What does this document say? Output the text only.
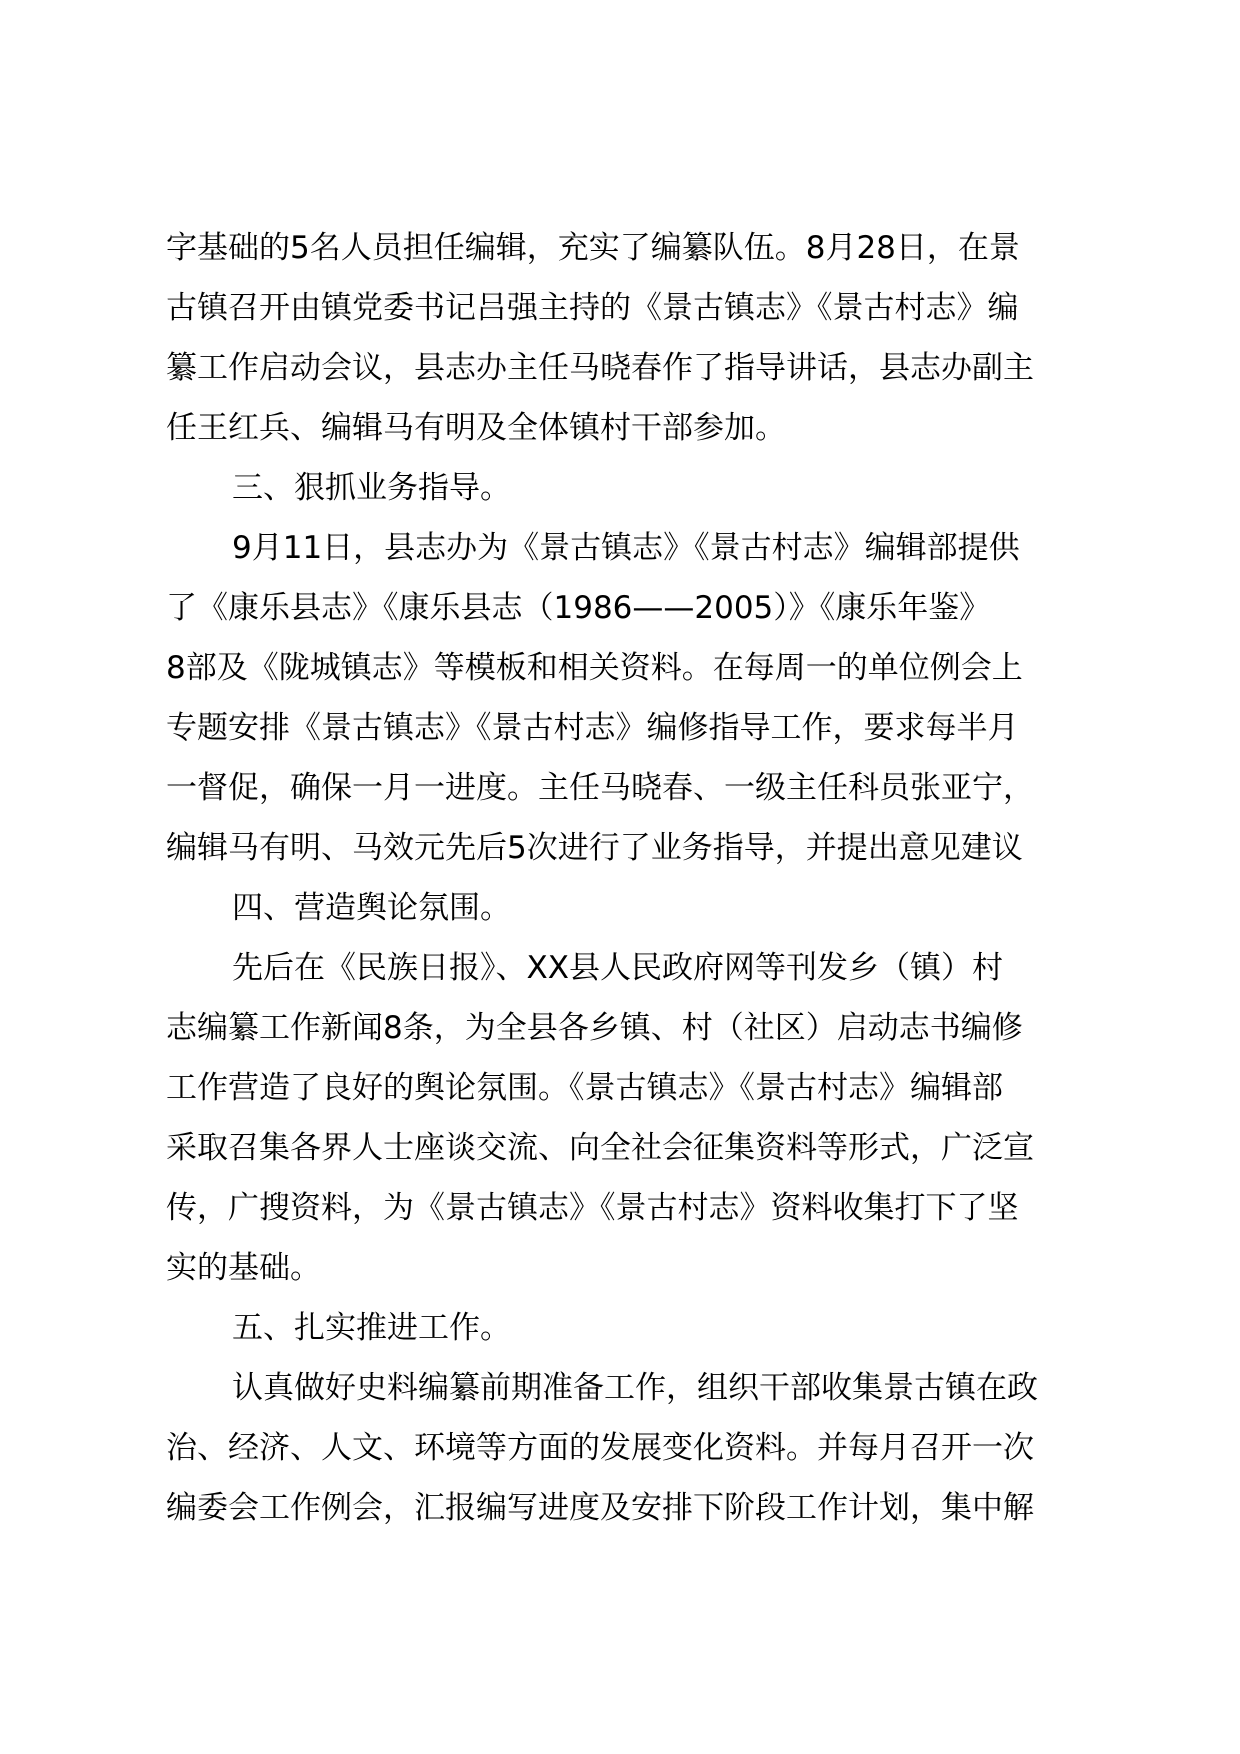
字基础的5名人员担任编辑，充实了编纂队伍。8月28日，在景
古镇召开由镇党委书记吕强主持的《景古镇志》《景古村志》编
纂工作启动会议，县志办主任马晓春作了指导讲话，县志办副主
任王红兵、编辑马有明及全体镇村干部参加。
三、狠抓业务指导。
9月11日，县志办为《景古镇志》《景古村志》编辑部提供
了《康乐县志》《康乐县志（1986——2005）》《康乐年鉴》
8部及《陇城镇志》等模板和相关资料。在每周一的单位例会上
专题安排《景古镇志》《景古村志》编修指导工作，要求每半月
一督促，确保一月一进度。主任马晓春、一级主任科员张亚宁，
编辑马有明、马效元先后5次进行了业务指导，并提出意见建议
四、营造舆论氛围。
先后在《民族日报》、XX县人民政府网等刊发乡（镇）村
志编纂工作新闻8条，为全县各乡镇、村（社区）启动志书编修
工作营造了良好的舆论氛围。《景古镇志》《景古村志》编辑部
采取召集各界人士座谈交流、向全社会征集资料等形式，广泛宣
传，广搜资料，为《景古镇志》《景古村志》资料收集打下了坚
实的基础。
五、扎实推进工作。
认真做好史料编纂前期准备工作，组织干部收集景古镇在政
治、经济、人文、环境等方面的发展变化资料。并每月召开一次
编委会工作例会，汇报编写进度及安排下阶段工作计划，集中解
